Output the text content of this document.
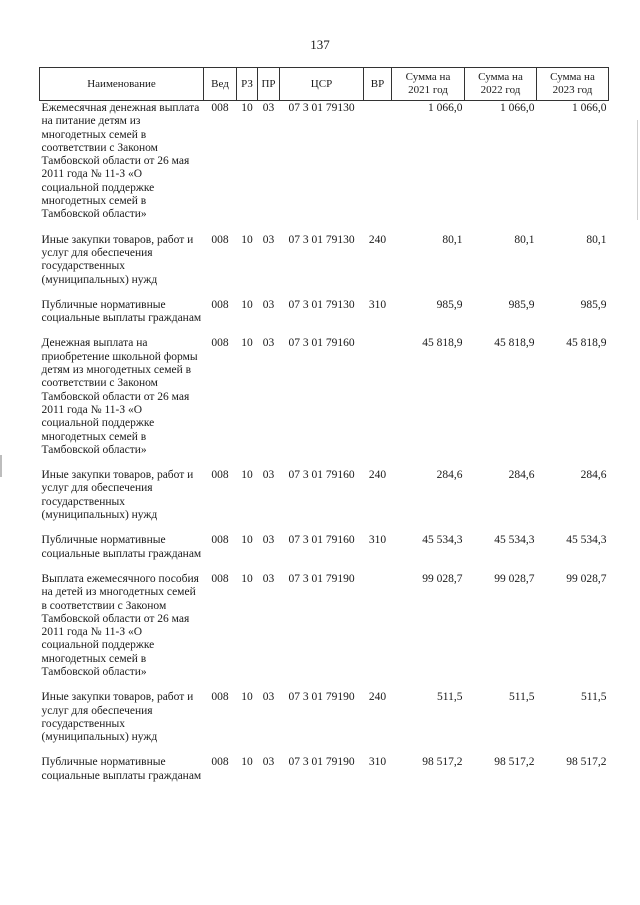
137
Наименование	Вед	РЗ	ПР	ЦСР	ВР	Сумма на 2021 год	Сумма на 2022 год	Сумма на 2023 год
Ежемесячная денежная выплата на питание детям из многодетных семей в соответствии с Законом Тамбовской области от 26 мая 2011 года № 11-З «О социальной поддержке многодетных семей в Тамбовской области»	008	10	03	07 3 01 79130		1 066,0	1 066,0	1 066,0
Иные закупки товаров, работ и услуг для обеспечения государственных (муниципальных) нужд	008	10	03	07 3 01 79130	240	80,1	80,1	80,1
Публичные нормативные социальные выплаты гражданам	008	10	03	07 3 01 79130	310	985,9	985,9	985,9
Денежная выплата на приобретение школьной формы детям из многодетных семей в соответствии с Законом Тамбовской области от 26 мая 2011 года № 11-З «О социальной поддержке многодетных семей в Тамбовской области»	008	10	03	07 3 01 79160		45 818,9	45 818,9	45 818,9
Иные закупки товаров, работ и услуг для обеспечения государственных (муниципальных) нужд	008	10	03	07 3 01 79160	240	284,6	284,6	284,6
Публичные нормативные социальные выплаты гражданам	008	10	03	07 3 01 79160	310	45 534,3	45 534,3	45 534,3
Выплата ежемесячного пособия на детей из многодетных семей в соответствии с Законом Тамбовской области от 26 мая 2011 года № 11-З «О социальной поддержке многодетных семей в Тамбовской области»	008	10	03	07 3 01 79190		99 028,7	99 028,7	99 028,7
Иные закупки товаров, работ и услуг для обеспечения государственных (муниципальных) нужд	008	10	03	07 3 01 79190	240	511,5	511,5	511,5
Публичные нормативные социальные выплаты гражданам	008	10	03	07 3 01 79190	310	98 517,2	98 517,2	98 517,2
